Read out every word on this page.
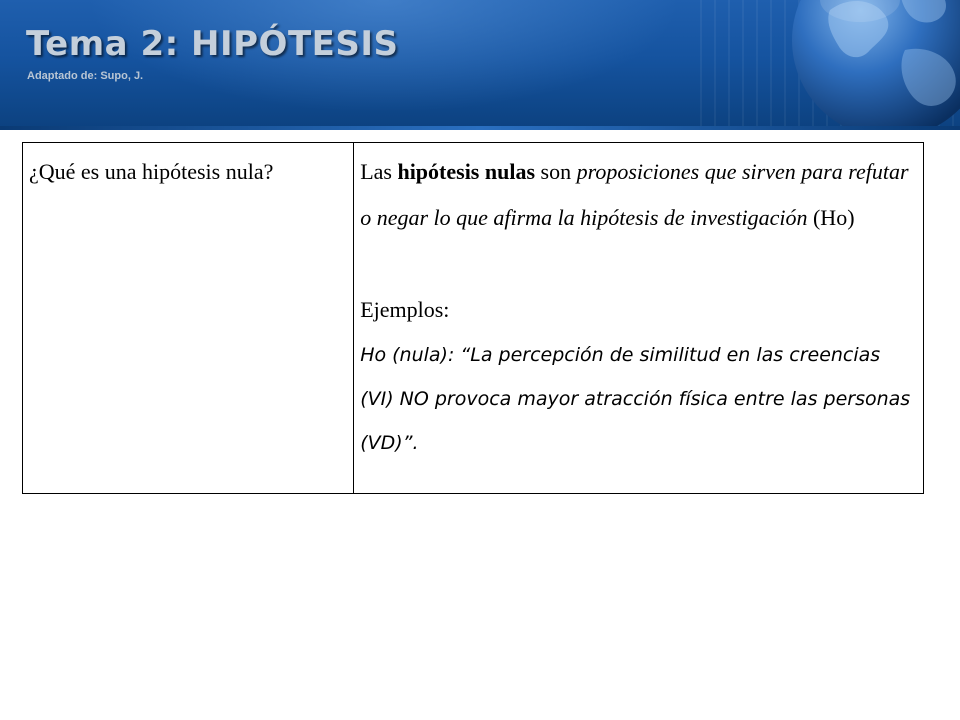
Tema 2: HIPÓTESIS

Adaptado de: Supo, J.

¿Qué es una hipótesis nula?	Las hipótesis nulas son proposiciones que sirven para refutar o negar lo que afirma la hipótesis de investigación (Ho)

Ejemplos:

Ho (nula): “La percepción de similitud en las creencias (VI) NO provoca mayor atracción física entre las personas (VD)”.
